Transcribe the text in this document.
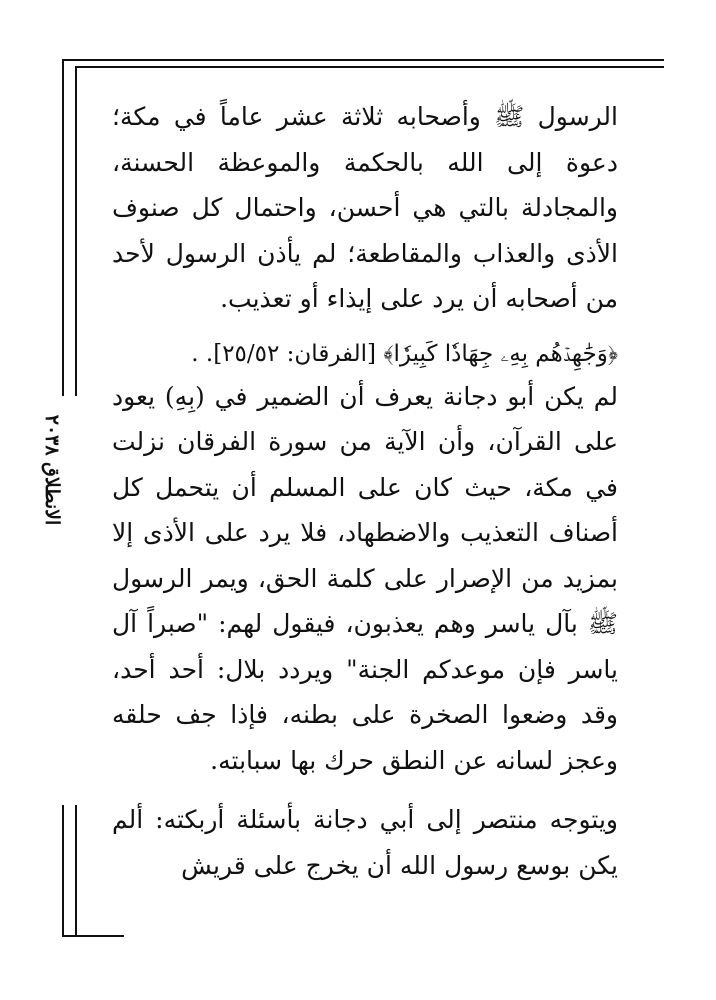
الانطلاق ٢٠٣٨

الرسول ﷺ وأصحابه ثلاثة عشر عاماً في مكة؛ دعوة إلى الله بالحكمة والموعظة الحسنة، والمجادلة بالتي هي أحسن، واحتمال كل صنوف الأذى والعذاب والمقاطعة؛ لم يأذن الرسول لأحد من أصحابه أن يرد على إيذاء أو تعذيب.

﴿وَجَٰهِدۡهُم بِهِۦ جِهَادٗا كَبِيرٗا﴾ [الفرقان: ٢٥/٥٢]. .

لم يكن أبو دجانة يعرف أن الضمير في (بِهِ) يعود على القرآن، وأن الآية من سورة الفرقان نزلت في مكة، حيث كان على المسلم أن يتحمل كل أصناف التعذيب والاضطهاد، فلا يرد على الأذى إلا بمزيد من الإصرار على كلمة الحق، ويمر الرسول ﷺ بآل ياسر وهم يعذبون، فيقول لهم: "صبراً آل ياسر فإن موعدكم الجنة" ويردد بلال: أحد أحد، وقد وضعوا الصخرة على بطنه، فإذا جف حلقه وعجز لسانه عن النطق حرك بها سبابته.

ويتوجه منتصر إلى أبي دجانة بأسئلة أربكته: ألم يكن بوسع رسول الله أن يخرج على قريش
